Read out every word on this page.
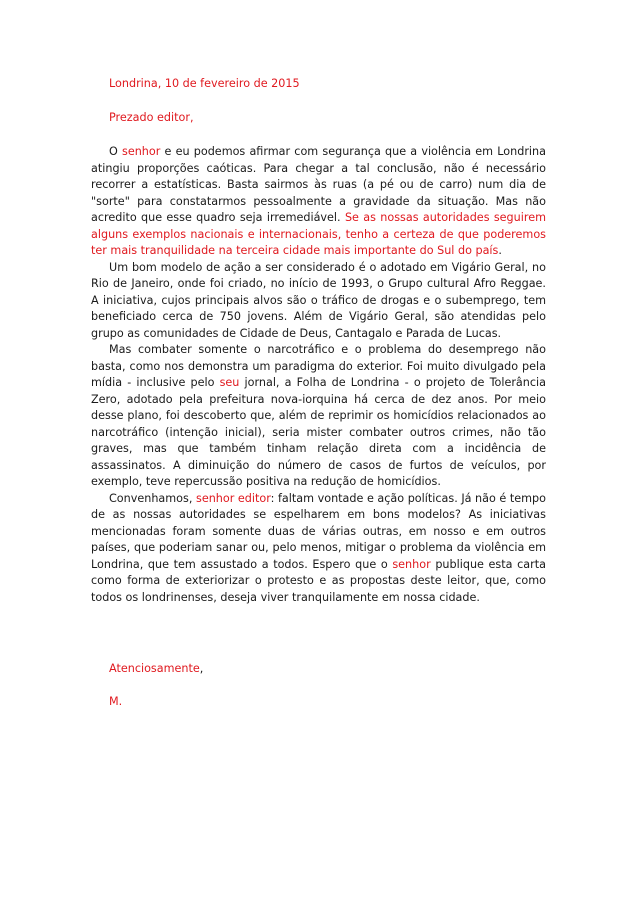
Londrina, 10 de fevereiro de 2015
Prezado editor,

O senhor e eu podemos afirmar com segurança que a violência em Londrina atingiu proporções caóticas. Para chegar a tal conclusão, não é necessário recorrer a estatísticas. Basta sairmos às ruas (a pé ou de carro) num dia de "sorte" para constatarmos pessoalmente a gravidade da situação. Mas não acredito que esse quadro seja irremediável. Se as nossas autoridades seguirem alguns exemplos nacionais e internacionais, tenho a certeza de que poderemos ter mais tranquilidade na terceira cidade mais importante do Sul do país.

Um bom modelo de ação a ser considerado é o adotado em Vigário Geral, no Rio de Janeiro, onde foi criado, no início de 1993, o Grupo cultural Afro Reggae. A iniciativa, cujos principais alvos são o tráfico de drogas e o subemprego, tem beneficiado cerca de 750 jovens. Além de Vigário Geral, são atendidas pelo grupo as comunidades de Cidade de Deus, Cantagalo e Parada de Lucas.

Mas combater somente o narcotráfico e o problema do desemprego não basta, como nos demonstra um paradigma do exterior. Foi muito divulgado pela mídia - inclusive pelo seu jornal, a Folha de Londrina - o projeto de Tolerância Zero, adotado pela prefeitura nova-iorquina há cerca de dez anos. Por meio desse plano, foi descoberto que, além de reprimir os homicídios relacionados ao narcotráfico (intenção inicial), seria mister combater outros crimes, não tão graves, mas que também tinham relação direta com a incidência de assassinatos. A diminuição do número de casos de furtos de veículos, por exemplo, teve repercussão positiva na redução de homicídios.

Convenhamos, senhor editor: faltam vontade e ação políticas. Já não é tempo de as nossas autoridades se espelharem em bons modelos? As iniciativas mencionadas foram somente duas de várias outras, em nosso e em outros países, que poderiam sanar ou, pelo menos, mitigar o problema da violência em Londrina, que tem assustado a todos. Espero que o senhor publique esta carta como forma de exteriorizar o protesto e as propostas deste leitor, que, como todos os londrinenses, deseja viver tranquilamente em nossa cidade.

Atenciosamente,
M.
